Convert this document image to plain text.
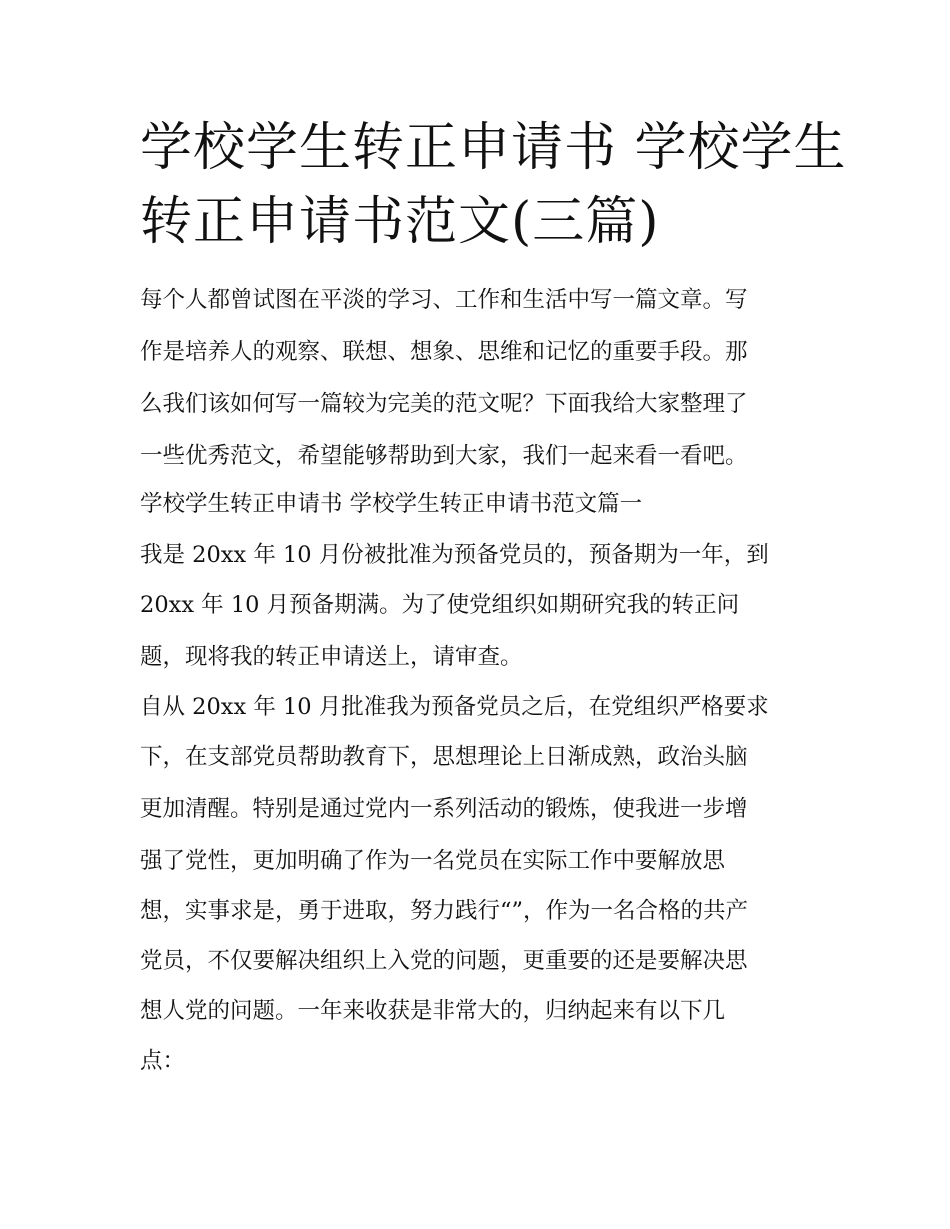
学校学生转正申请书 学校学生
转正申请书范文(三篇)
每个人都曾试图在平淡的学习、工作和生活中写一篇文章。写
作是培养人的观察、联想、想象、思维和记忆的重要手段。那
么我们该如何写一篇较为完美的范文呢？下面我给大家整理了
一些优秀范文，希望能够帮助到大家，我们一起来看一看吧。
学校学生转正申请书 学校学生转正申请书范文篇一
我是 20xx 年 10 月份被批准为预备党员的，预备期为一年，到
20xx 年 10 月预备期满。为了使党组织如期研究我的转正问
题，现将我的转正申请送上，请审查。
自从 20xx 年 10 月批准我为预备党员之后，在党组织严格要求
下，在支部党员帮助教育下，思想理论上日渐成熟，政治头脑
更加清醒。特别是通过党内一系列活动的锻炼，使我进一步增
强了党性，更加明确了作为一名党员在实际工作中要解放思
想，实事求是，勇于进取，努力践行“”，作为一名合格的共产
党员，不仅要解决组织上入党的问题，更重要的还是要解决思
想人党的问题。一年来收获是非常大的，归纳起来有以下几
点：
